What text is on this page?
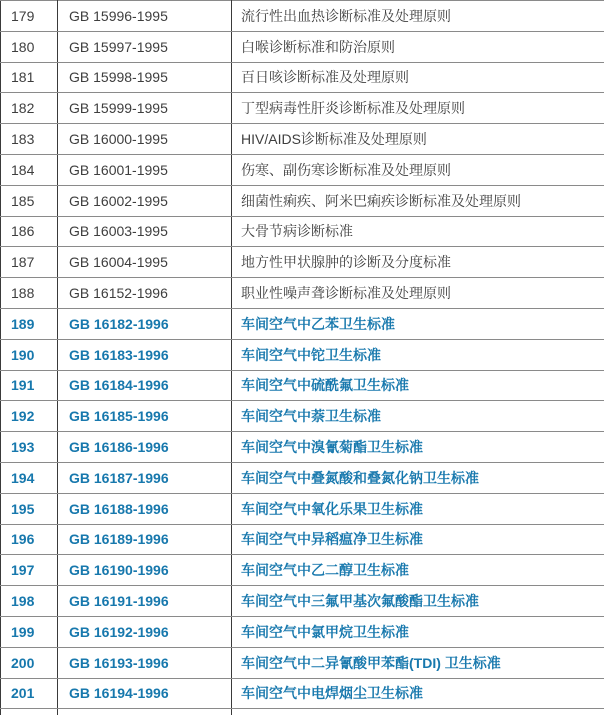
179	GB 15996-1995	流行性出血热诊断标准及处理原则
180	GB 15997-1995	白喉诊断标准和防治原则
181	GB 15998-1995	百日咳诊断标准及处理原则
182	GB 15999-1995	丁型病毒性肝炎诊断标准及处理原则
183	GB 16000-1995	HIV/AIDS诊断标准及处理原则
184	GB 16001-1995	伤寒、副伤寒诊断标准及处理原则
185	GB 16002-1995	细菌性痢疾、阿米巴痢疾诊断标准及处理原则
186	GB 16003-1995	大骨节病诊断标准
187	GB 16004-1995	地方性甲状腺肿的诊断及分度标准
188	GB 16152-1996	职业性噪声聋诊断标准及处理原则
189	GB 16182-1996	车间空气中乙苯卫生标准
190	GB 16183-1996	车间空气中铊卫生标准
191	GB 16184-1996	车间空气中硫酰氟卫生标准
192	GB 16185-1996	车间空气中萘卫生标准
193	GB 16186-1996	车间空气中溴氰菊酯卫生标准
194	GB 16187-1996	车间空气中叠氮酸和叠氮化钠卫生标准
195	GB 16188-1996	车间空气中氧化乐果卫生标准
196	GB 16189-1996	车间空气中异稻瘟净卫生标准
197	GB 16190-1996	车间空气中乙二醇卫生标准
198	GB 16191-1996	车间空气中三氟甲基次氟酸酯卫生标准
199	GB 16192-1996	车间空气中氯甲烷卫生标准
200	GB 16193-1996	车间空气中二异氰酸甲苯酯(TDI) 卫生标准
201	GB 16194-1996	车间空气中电焊烟尘卫生标准
